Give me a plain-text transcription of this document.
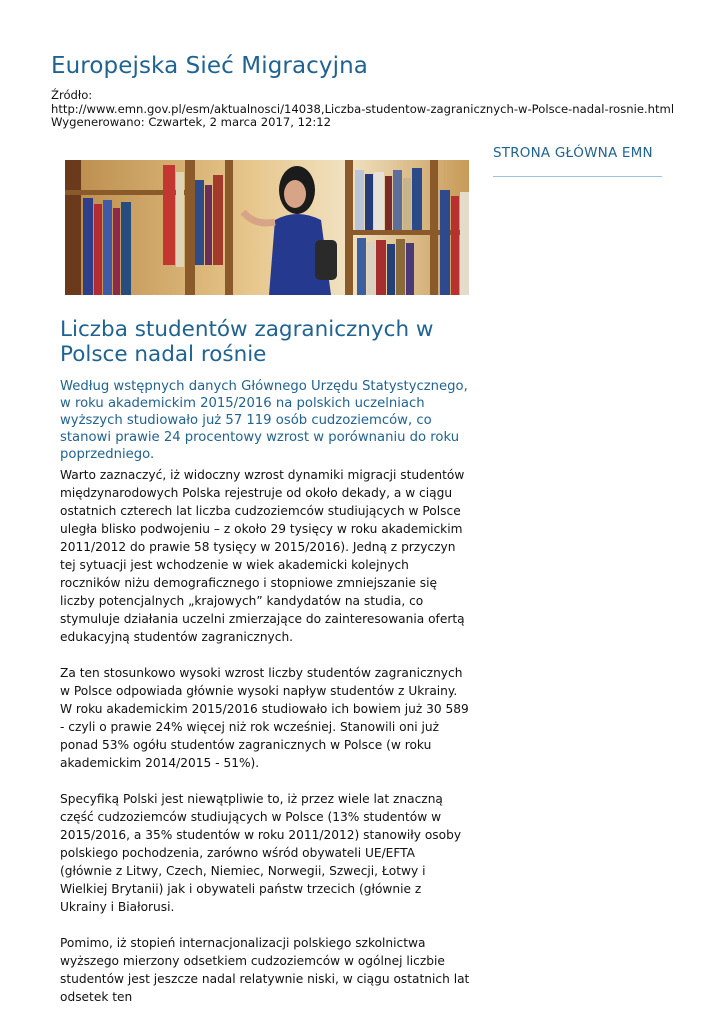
Europejska Sieć Migracyjna
Źródło:
http://www.emn.gov.pl/esm/aktualnosci/14038,Liczba-studentow-zagranicznych-w-Polsce-nadal-rosnie.html
Wygenerowano: Czwartek, 2 marca 2017, 12:12
STRONA GŁÓWNA EMN
Liczba studentów zagranicznych w Polsce nadal rośnie

Według wstępnych danych Głównego Urzędu Statystycznego, w roku akademickim 2015/2016 na polskich uczelniach wyższych studiowało już 57 119 osób cudzoziemców, co stanowi prawie 24 procentowy wzrost w porównaniu do roku poprzedniego.

Warto zaznaczyć, iż widoczny wzrost dynamiki migracji studentów międzynarodowych Polska rejestruje od około dekady, a w ciągu ostatnich czterech lat liczba cudzoziemców studiujących w Polsce uległa blisko podwojeniu – z około 29 tysięcy w roku akademickim 2011/2012 do prawie 58 tysięcy w 2015/2016). Jedną z przyczyn tej sytuacji jest wchodzenie w wiek akademicki kolejnych roczników niżu demograficznego i stopniowe zmniejszanie się liczby potencjalnych „krajowych” kandydatów na studia, co stymuluje działania uczelni zmierzające do zainteresowania ofertą edukacyjną studentów zagranicznych.

Za ten stosunkowo wysoki wzrost liczby studentów zagranicznych w Polsce odpowiada głównie wysoki napływ studentów z Ukrainy. W roku akademickim 2015/2016 studiowało ich bowiem już 30 589 - czyli o prawie 24% więcej niż rok wcześniej. Stanowili oni już ponad 53% ogółu studentów zagranicznych w Polsce (w roku akademickim 2014/2015 - 51%).

Specyfiką Polski jest niewątpliwie to, iż przez wiele lat znaczną część cudzoziemców studiujących w Polsce (13% studentów w 2015/2016, a 35% studentów w roku 2011/2012) stanowiły osoby polskiego pochodzenia, zarówno wśród obywateli UE/EFTA (głównie z Litwy, Czech, Niemiec, Norwegii, Szwecji, Łotwy i Wielkiej Brytanii) jak i obywateli państw trzecich (głównie z Ukrainy i Białorusi.

Pomimo, iż stopień internacjonalizacji polskiego szkolnictwa wyższego mierzony odsetkiem cudzoziemców w ogólnej liczbie studentów jest jeszcze nadal relatywnie niski, w ciągu ostatnich lat odsetek ten
